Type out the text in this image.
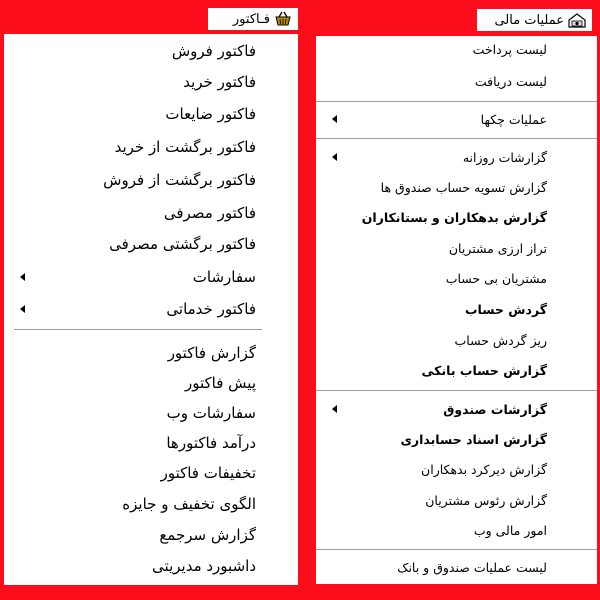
فـاکتور	عملیات مالی
فاکتور فروش
فاکتور خرید
فاکتور ضایعات
فاکتور برگشت از خرید
فاکتور برگشت از فروش
فاکتور مصرفی
فاکتور برگشتی مصرفی
سفارشات
فاکتور خدماتی
گزارش فاکتور
پیش فاکتور
سفارشات وب
درآمد فاکتورها
تخفیفات فاکتور
الگوی تخفیف و جایزه
گزارش سرجمع
داشبورد مدیریتی
لیست پرداخت
لیست دریافت
عملیات چکها
گزارشات روزانه
گزارش تسویه حساب صندوق ها
گزارش بدهکاران و بستانکاران
تراز ارزی مشتریان
مشتریان بی حساب
گردش حساب
ریز گردش حساب
گزارش حساب بانکی
گزارشات صندوق
گزارش اسناد حسابداری
گزارش دیرکرد بدهکاران
گزارش رئوس مشتریان
امور مالی وب
لیست عملیات صندوق و بانک
